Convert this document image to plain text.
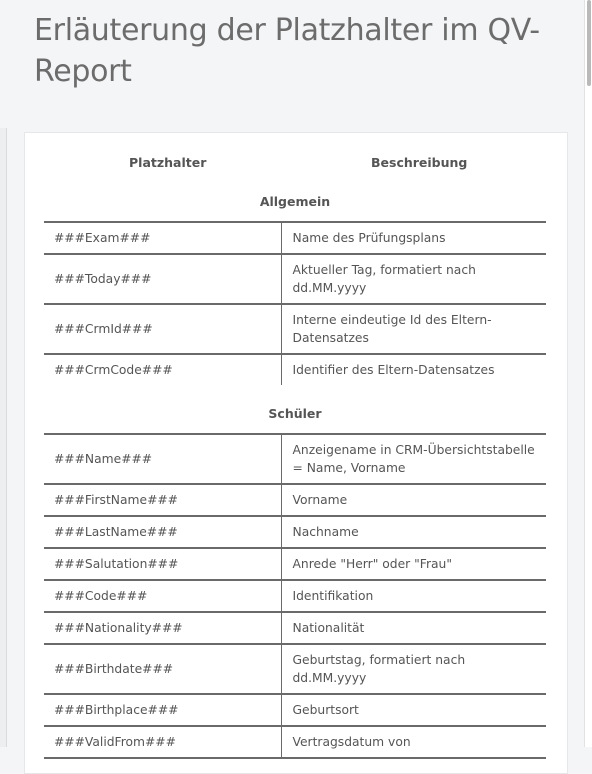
Erläuterung der Platzhalter im QV-Report
Platzhalter	Beschreibung
Allgemein
###Exam###	Name des Prüfungsplans
###Today###	Aktueller Tag, formatiert nach dd.MM.yyyy
###CrmId###	Interne eindeutige Id des Eltern-Datensatzes
###CrmCode###	Identifier des Eltern-Datensatzes
Schüler
###Name###	Anzeigename in CRM-Übersichtstabelle = Name, Vorname
###FirstName###	Vorname
###LastName###	Nachname
###Salutation###	Anrede "Herr" oder "Frau"
###Code###	Identifikation
###Nationality###	Nationalität
###Birthdate###	Geburtstag, formatiert nach dd.MM.yyyy
###Birthplace###	Geburtsort
###ValidFrom###	Vertragsdatum von
